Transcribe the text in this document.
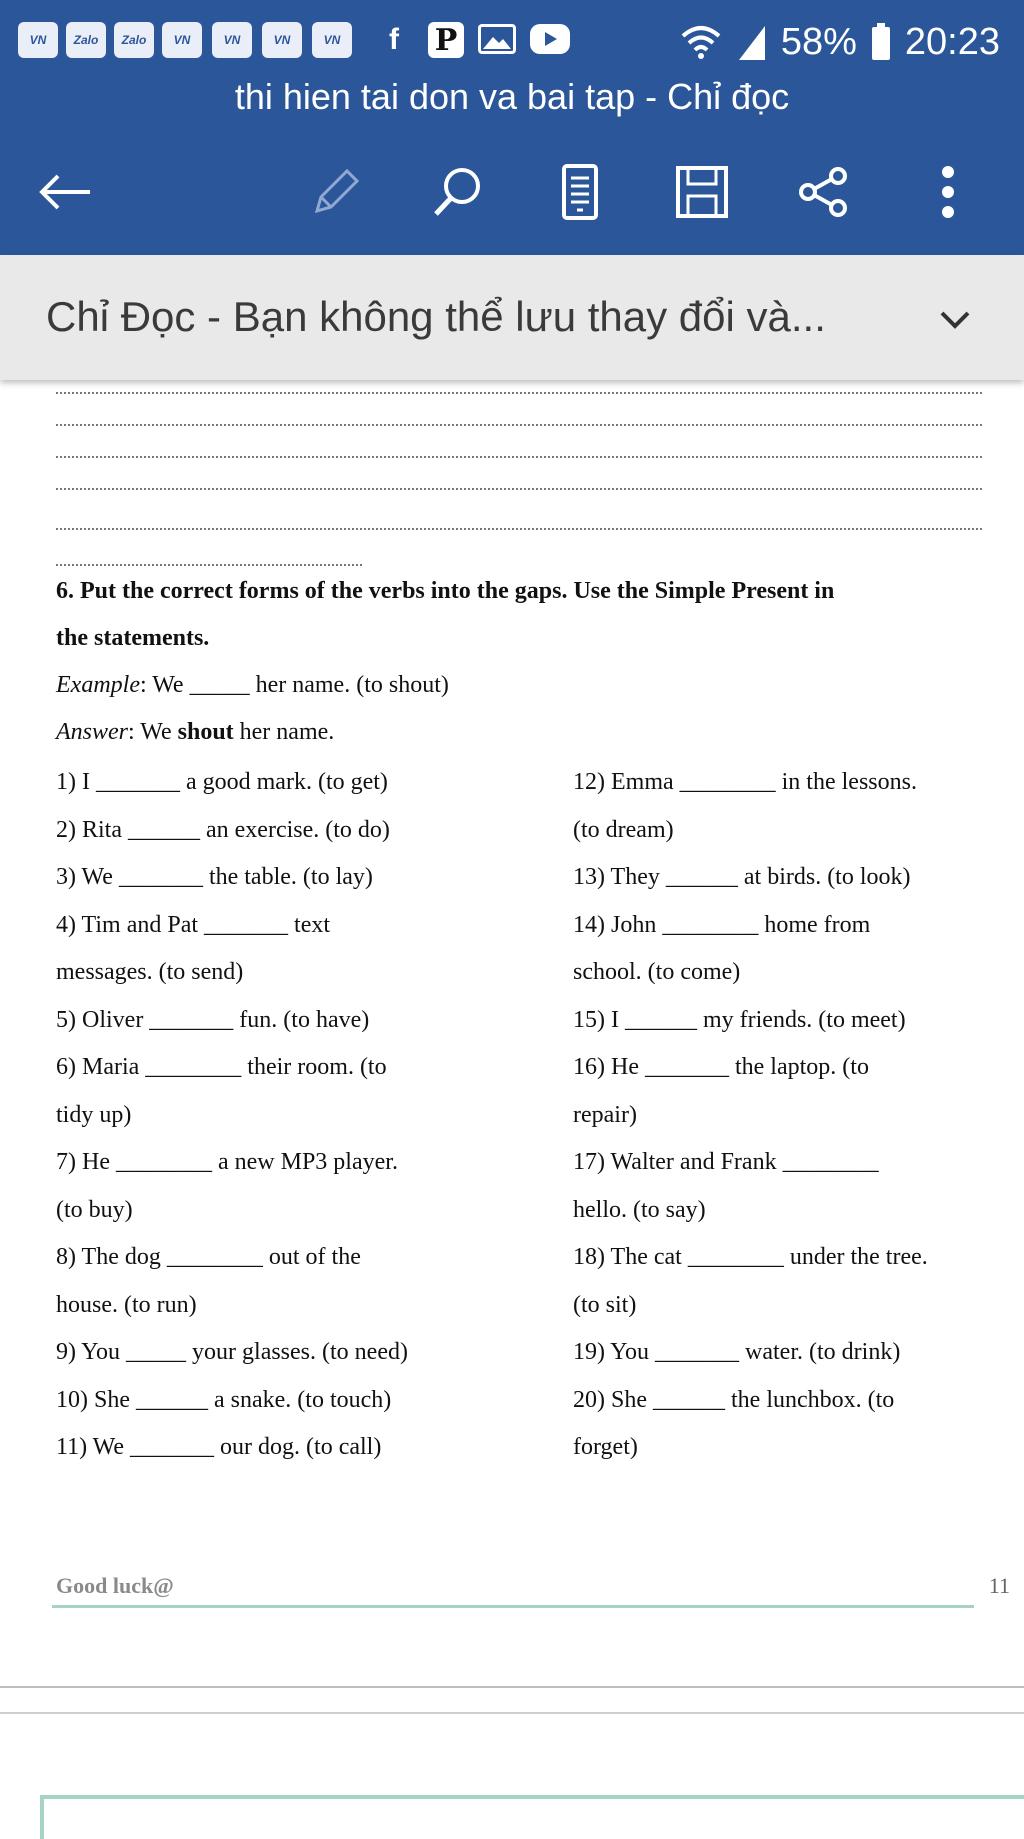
VN	Zalo	Zalo	VN	VN	VN	VN	f	P	58% 20:23
thi hien tai don va bai tap - Chỉ đọc
Chỉ Đọc - Bạn không thể lưu thay đổi và...
6. Put the correct forms of the verbs into the gaps. Use the Simple Present in
the statements.
Example: We _____ her name. (to shout)
Answer: We shout her name.
1) I _______ a good mark. (to get)
2) Rita ______ an exercise. (to do)
3) We _______ the table. (to lay)
4) Tim and Pat _______ text
messages. (to send)
5) Oliver _______ fun. (to have)
6) Maria ________ their room. (to
tidy up)
7) He ________ a new MP3 player.
(to buy)
8) The dog ________ out of the
house. (to run)
9) You _____ your glasses. (to need)
10) She ______ a snake. (to touch)
11) We _______ our dog. (to call)
12) Emma ________ in the lessons.
(to dream)
13) They ______ at birds. (to look)
14) John ________ home from
school. (to come)
15) I ______ my friends. (to meet)
16) He _______ the laptop. (to
repair)
17) Walter and Frank ________
hello. (to say)
18) The cat ________ under the tree.
(to sit)
19) You _______ water. (to drink)
20) She ______ the lunchbox. (to
forget)
Good luck@	11
